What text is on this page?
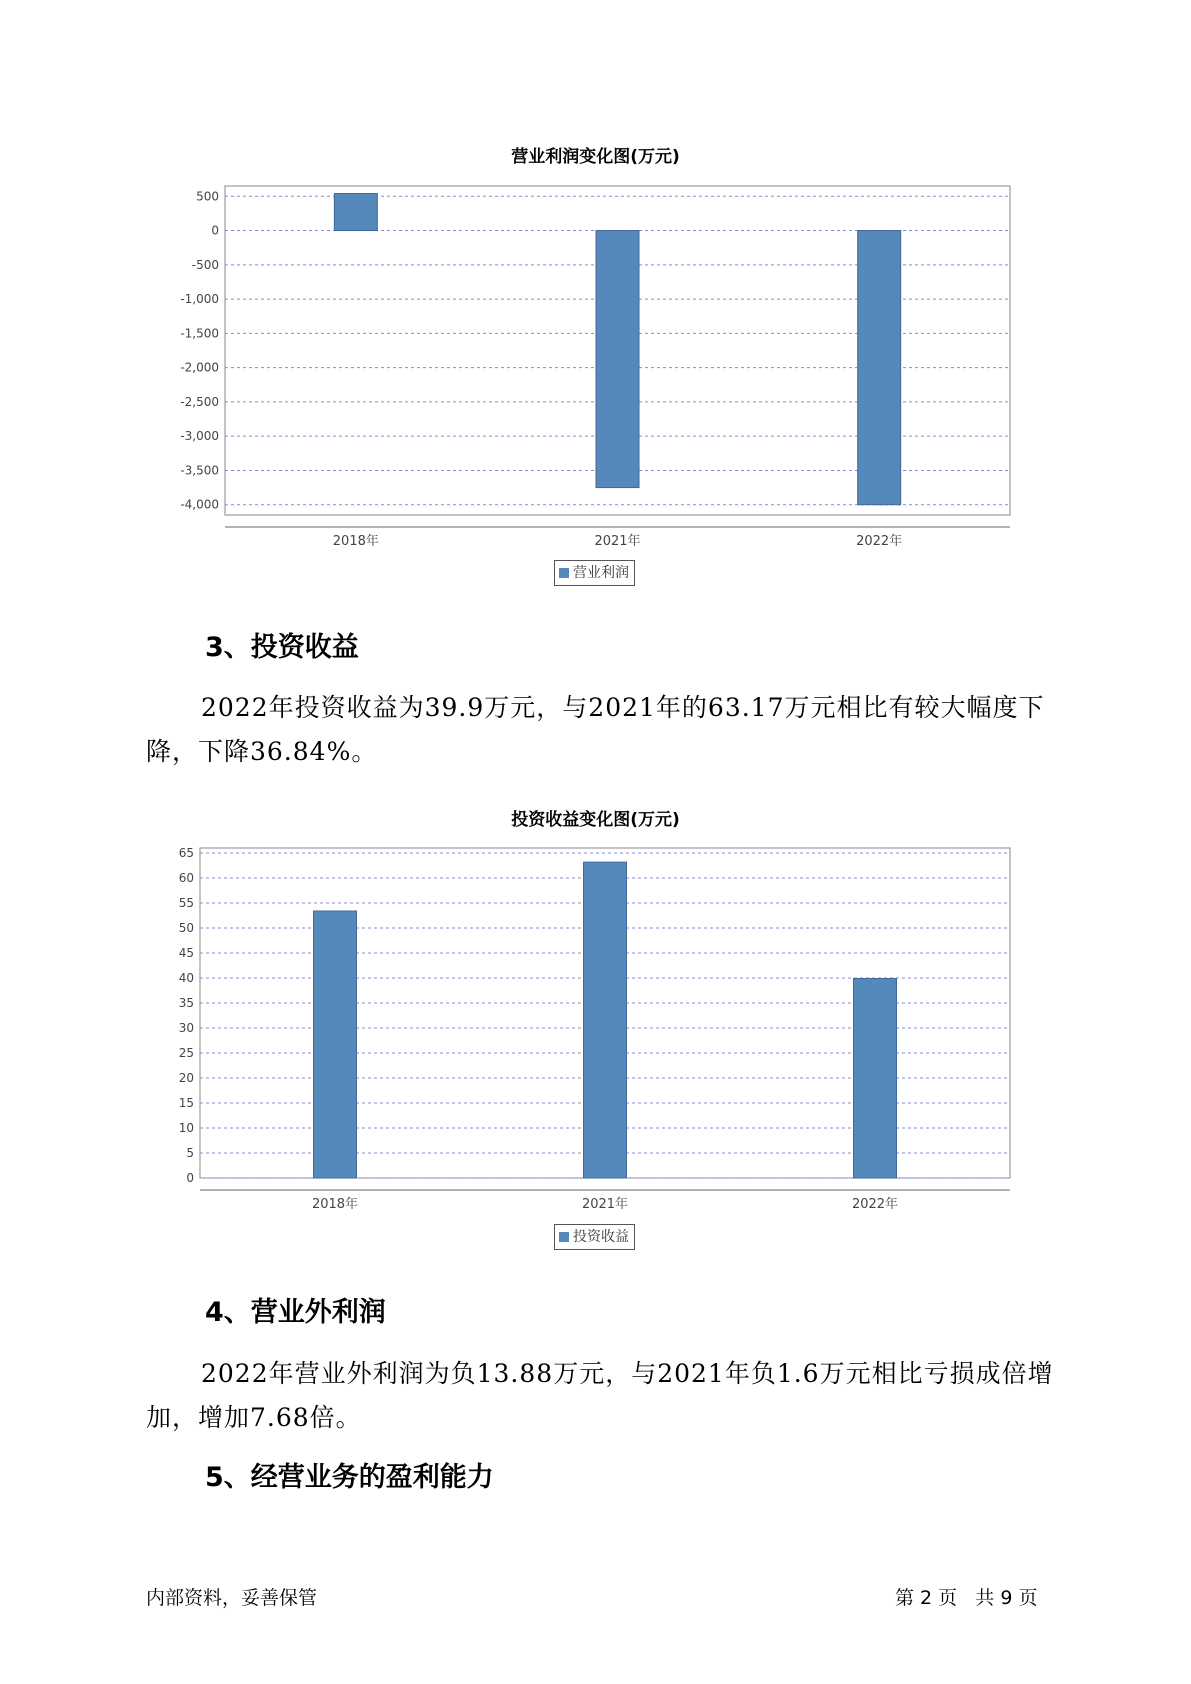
营业利润变化图(万元)
500
0
-500
-1,000
-1,500
-2,000
-2,500
-3,000
-3,500
-4,000
2018年	2021年	2022年
营业利润
3、投资收益
2022年投资收益为39.9万元，与2021年的63.17万元相比有较大幅度下降，下降36.84%。
投资收益变化图(万元)
0
5
10
15
20
25
30
35
40
45
50
55
60
65
2018年	2021年	2022年
投资收益
4、营业外利润
2022年营业外利润为负13.88万元，与2021年负1.6万元相比亏损成倍增加，增加7.68倍。
5、经营业务的盈利能力
内部资料，妥善保管	第 2 页   共 9 页
